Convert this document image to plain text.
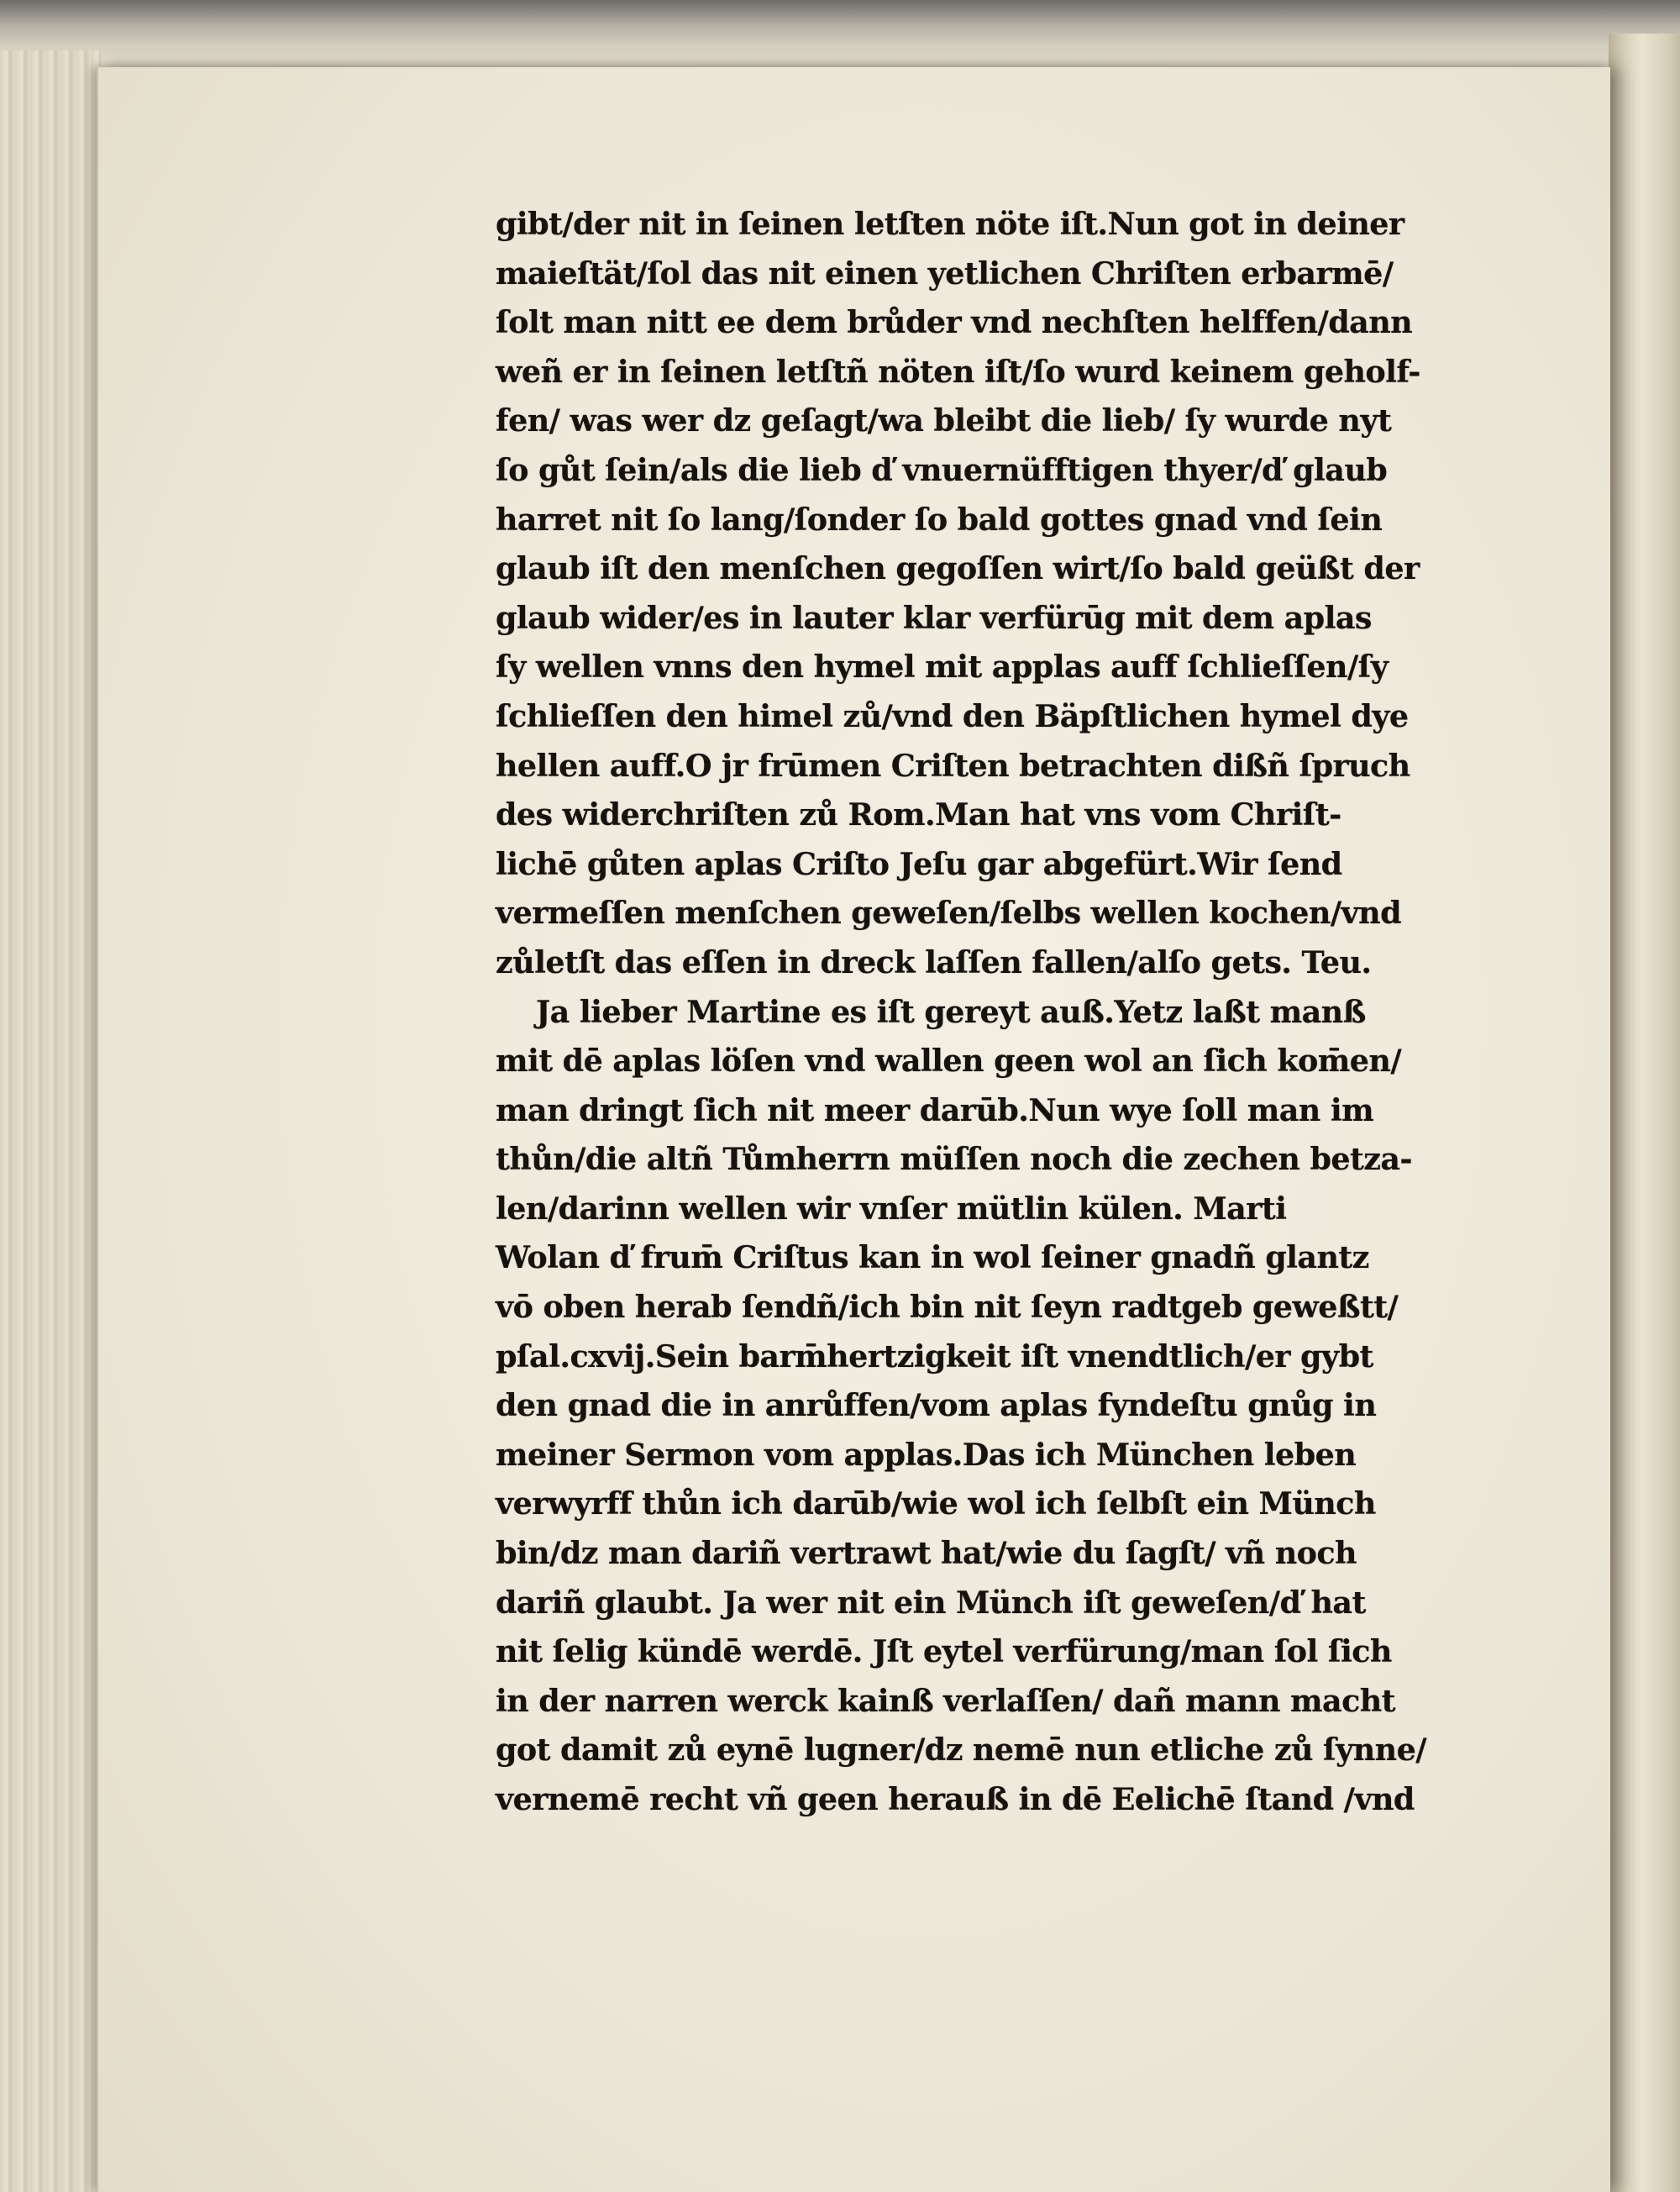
gibt/der nit in ſeinen letſten nöte iſt.Nun got in deiner
maieſtät/ſol das nit einen yetlichen Chriſten erbarmē/
ſolt man nitt ee dem brůder vnd nechſten helffen/dann
weñ er in ſeinen letſtñ nöten iſt/ſo wurd keinem geholf-
fen/ was wer dz geſagt/wa bleibt die lieb/ ſy wurde nyt
ſo gůt ſein/als die lieb ď vnuernüfftigen thyer/ď glaub
harret nit ſo lang/ſonder ſo bald gottes gnad vnd ſein
glaub iſt den menſchen gegoſſen wirt/ſo bald geüßt der
glaub wider/es in lauter klar verfürūg mit dem aplas
ſy wellen vnns den hymel mit applas auff ſchlieſſen/ſy
ſchlieſſen den himel zů/vnd den Bäpſtlichen hymel dye
hellen auff.O jr frūmen Criſten betrachten dißñ ſpruch
des widerchriſten zů Rom.Man hat vns vom Chriſt-
lichē gůten aplas Criſto Jeſu gar abgefürt.Wir ſend
vermeſſen menſchen geweſen/ſelbs wellen kochen/vnd
zůletſt das eſſen in dreck laſſen fallen/alſo gets. Teu.
Ja lieber Martine es iſt gereyt auß.Yetz laßt manß
mit dē aplas löſen vnd wallen geen wol an ſich kom̄en/
man dringt ſich nit meer darūb.Nun wye ſoll man im
thůn/die altñ Tůmherrn müſſen noch die zechen betza-
len/darinn wellen wir vnſer mütlin külen. Marti
Wolan ď frum̄ Criſtus kan in wol ſeiner gnadñ glantz
vō oben herab ſendñ/ich bin nit ſeyn radtgeb geweßtt/
pſal.cxvij.Sein barm̄hertzigkeit iſt vnendtlich/er gybt
den gnad die in anrůffen/vom aplas fyndeſtu gnůg in
meiner Sermon vom applas.Das ich München leben
verwyrff thůn ich darūb/wie wol ich ſelbſt ein Münch
bin/dz man dariñ vertrawt hat/wie du ſagſt/ vñ noch
dariñ glaubt. Ja wer nit ein Münch iſt geweſen/ď hat
nit ſelig kündē werdē. Jſt eytel verfürung/man ſol ſich
in der narren werck kainß verlaſſen/ dañ mann macht
got damit zů eynē lugner/dz nemē nun etliche zů ſynne/
vernemē recht vñ geen herauß in dē Eelichē ſtand /vnd
